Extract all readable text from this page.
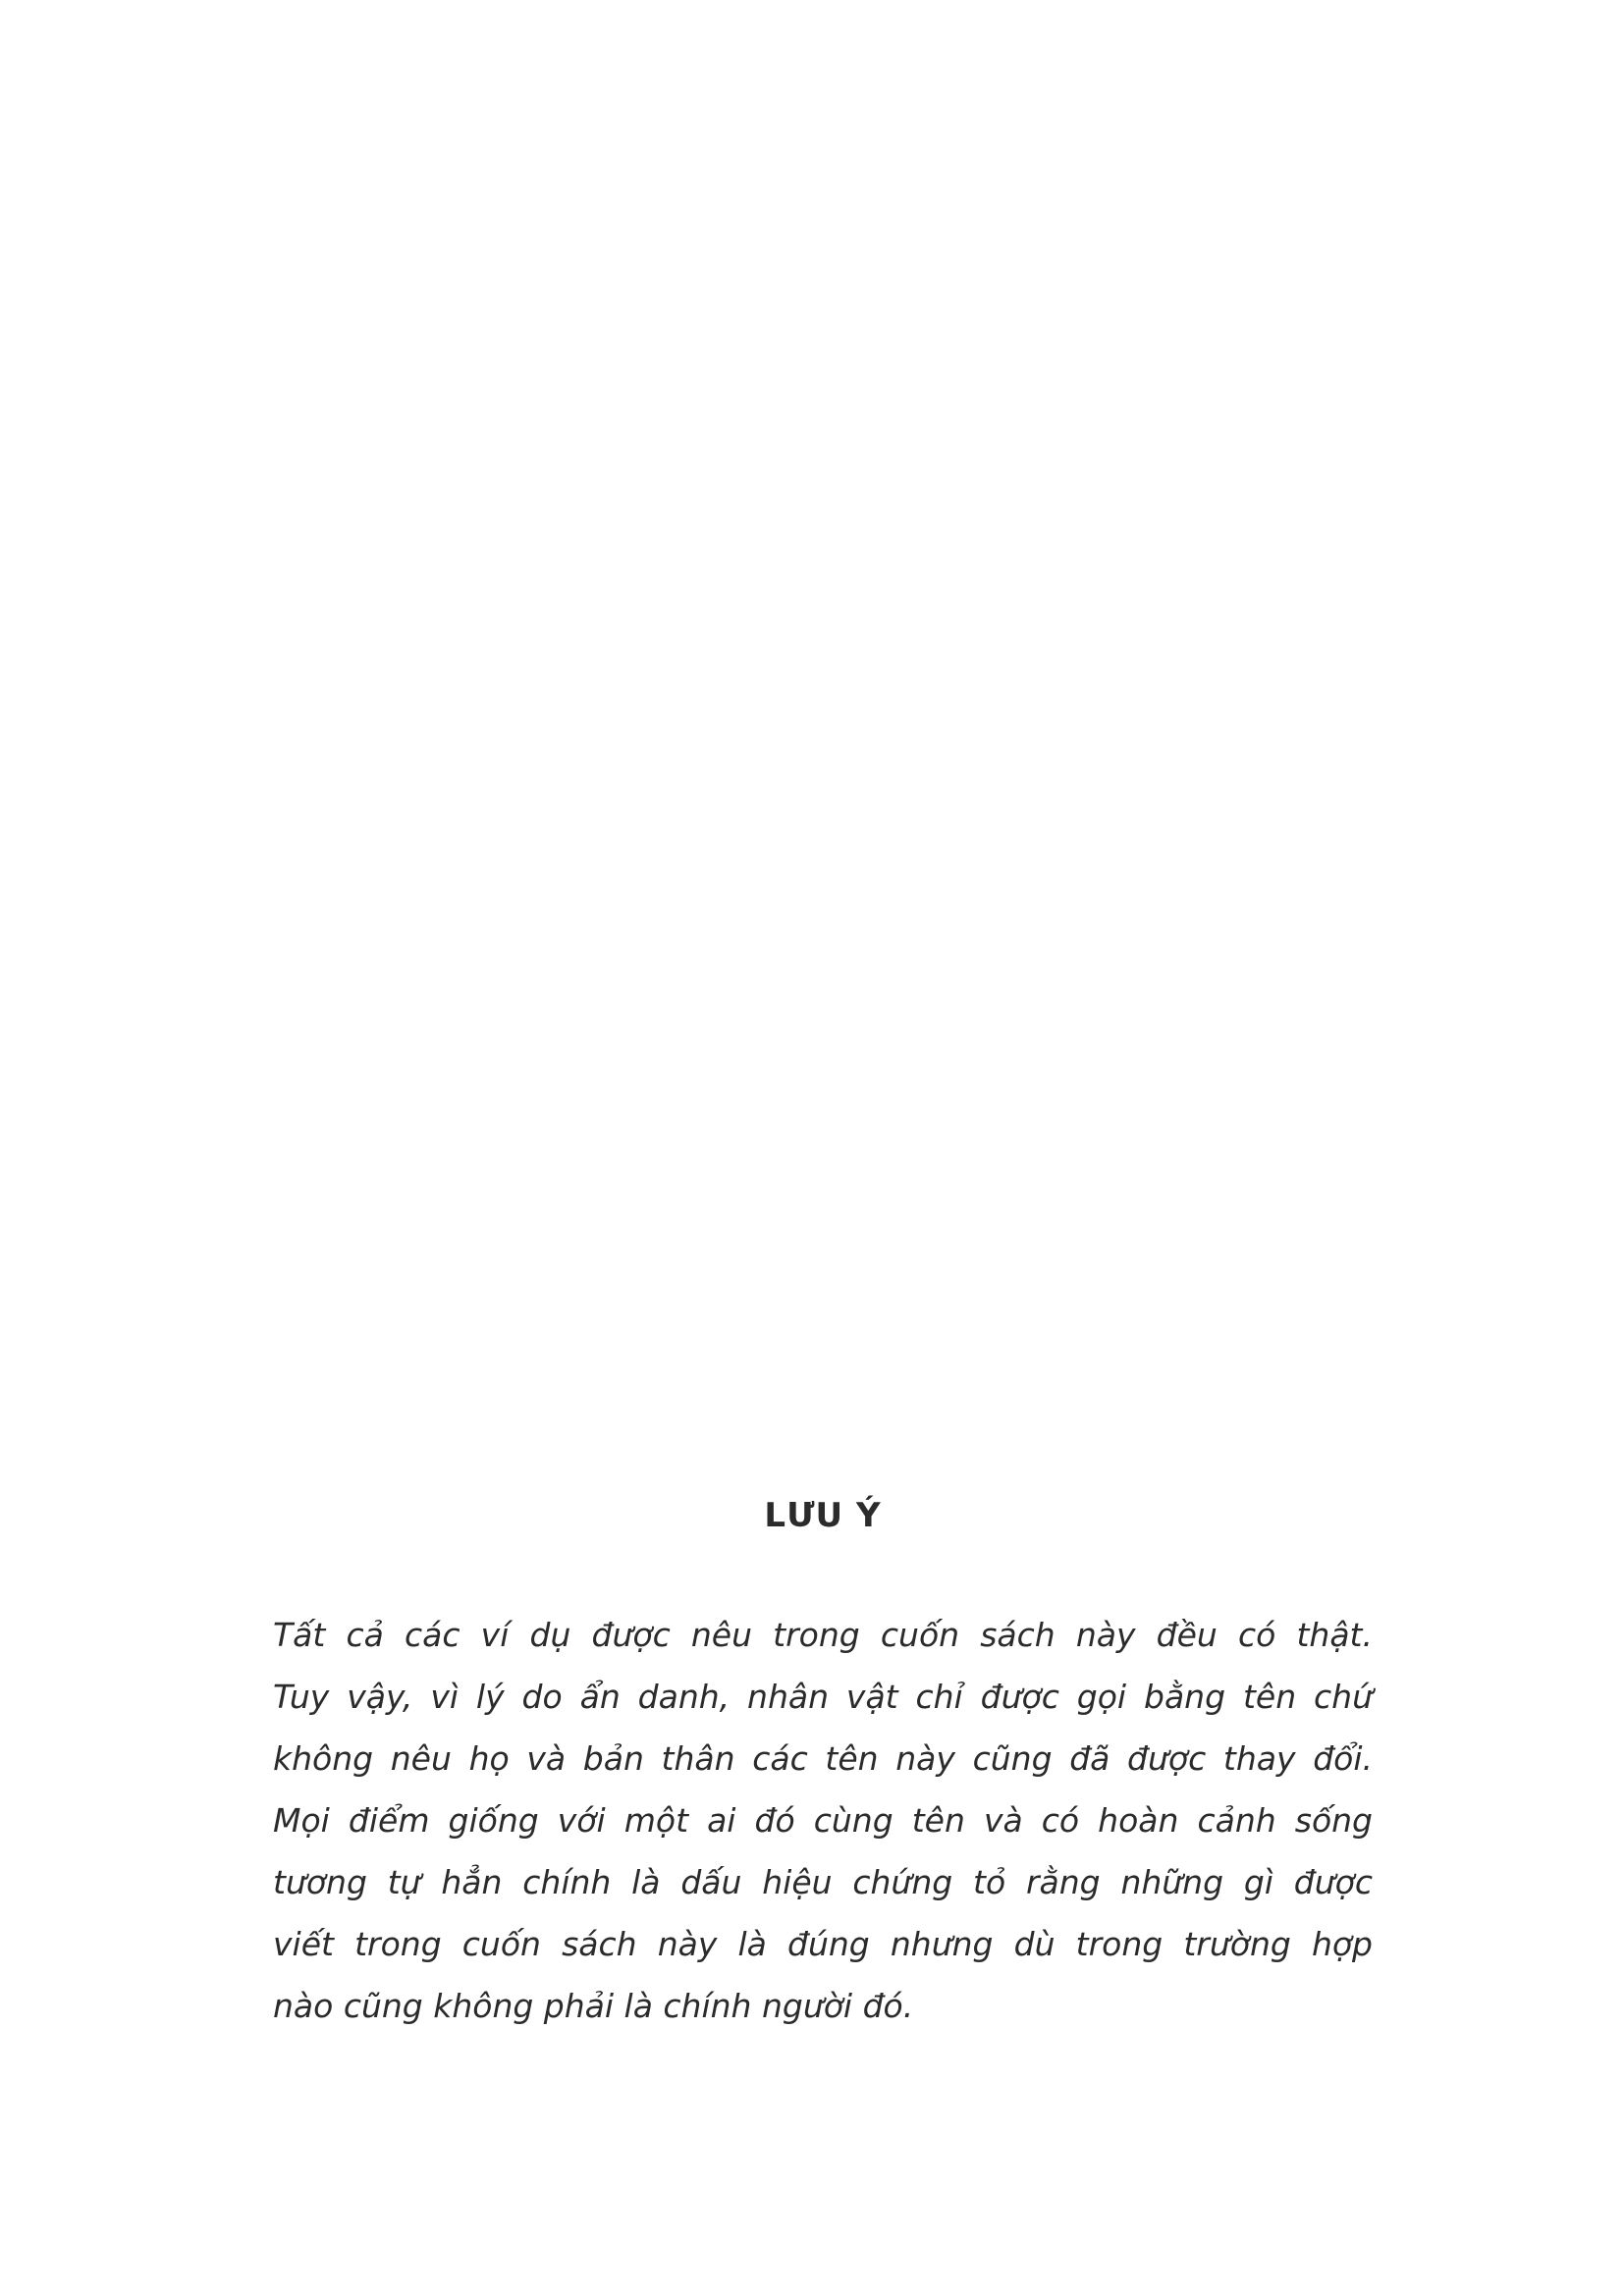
LƯU Ý

Tất cả các ví dụ được nêu trong cuốn sách này đều có thật.
Tuy vậy, vì lý do ẩn danh, nhân vật chỉ được gọi bằng tên chứ
không nêu họ và bản thân các tên này cũng đã được thay đổi.
Mọi điểm giống với một ai đó cùng tên và có hoàn cảnh sống
tương tự hẳn chính là dấu hiệu chứng tỏ rằng những gì được
viết trong cuốn sách này là đúng nhưng dù trong trường hợp
nào cũng không phải là chính người đó.
